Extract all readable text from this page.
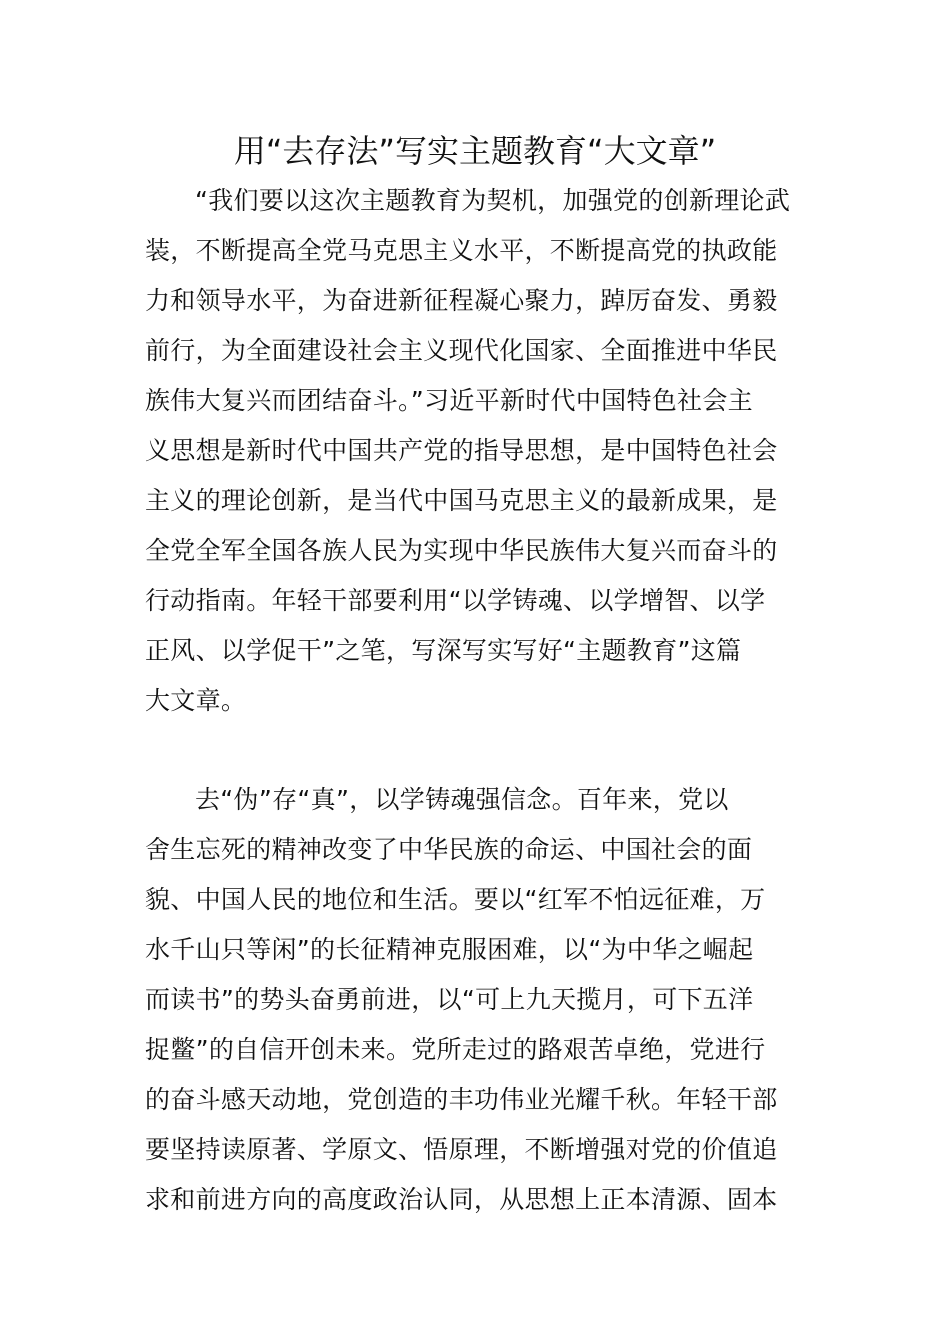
用“去存法”写实主题教育“大文章”
“我们要以这次主题教育为契机，加强党的创新理论武
装，不断提高全党马克思主义水平，不断提高党的执政能
力和领导水平，为奋进新征程凝心聚力，踔厉奋发、勇毅
前行，为全面建设社会主义现代化国家、全面推进中华民
族伟大复兴而团结奋斗。”习近平新时代中国特色社会主
义思想是新时代中国共产党的指导思想，是中国特色社会
主义的理论创新，是当代中国马克思主义的最新成果，是
全党全军全国各族人民为实现中华民族伟大复兴而奋斗的
行动指南。年轻干部要利用“以学铸魂、以学增智、以学
正风、以学促干”之笔，写深写实写好“主题教育”这篇
大文章。
去“伪”存“真”，以学铸魂强信念。百年来，党以
舍生忘死的精神改变了中华民族的命运、中国社会的面
貌、中国人民的地位和生活。要以“红军不怕远征难，万
水千山只等闲”的长征精神克服困难，以“为中华之崛起
而读书”的势头奋勇前进，以“可上九天揽月，可下五洋
捉鳖”的自信开创未来。党所走过的路艰苦卓绝，党进行
的奋斗感天动地，党创造的丰功伟业光耀千秋。年轻干部
要坚持读原著、学原文、悟原理，不断增强对党的价值追
求和前进方向的高度政治认同，从思想上正本清源、固本
